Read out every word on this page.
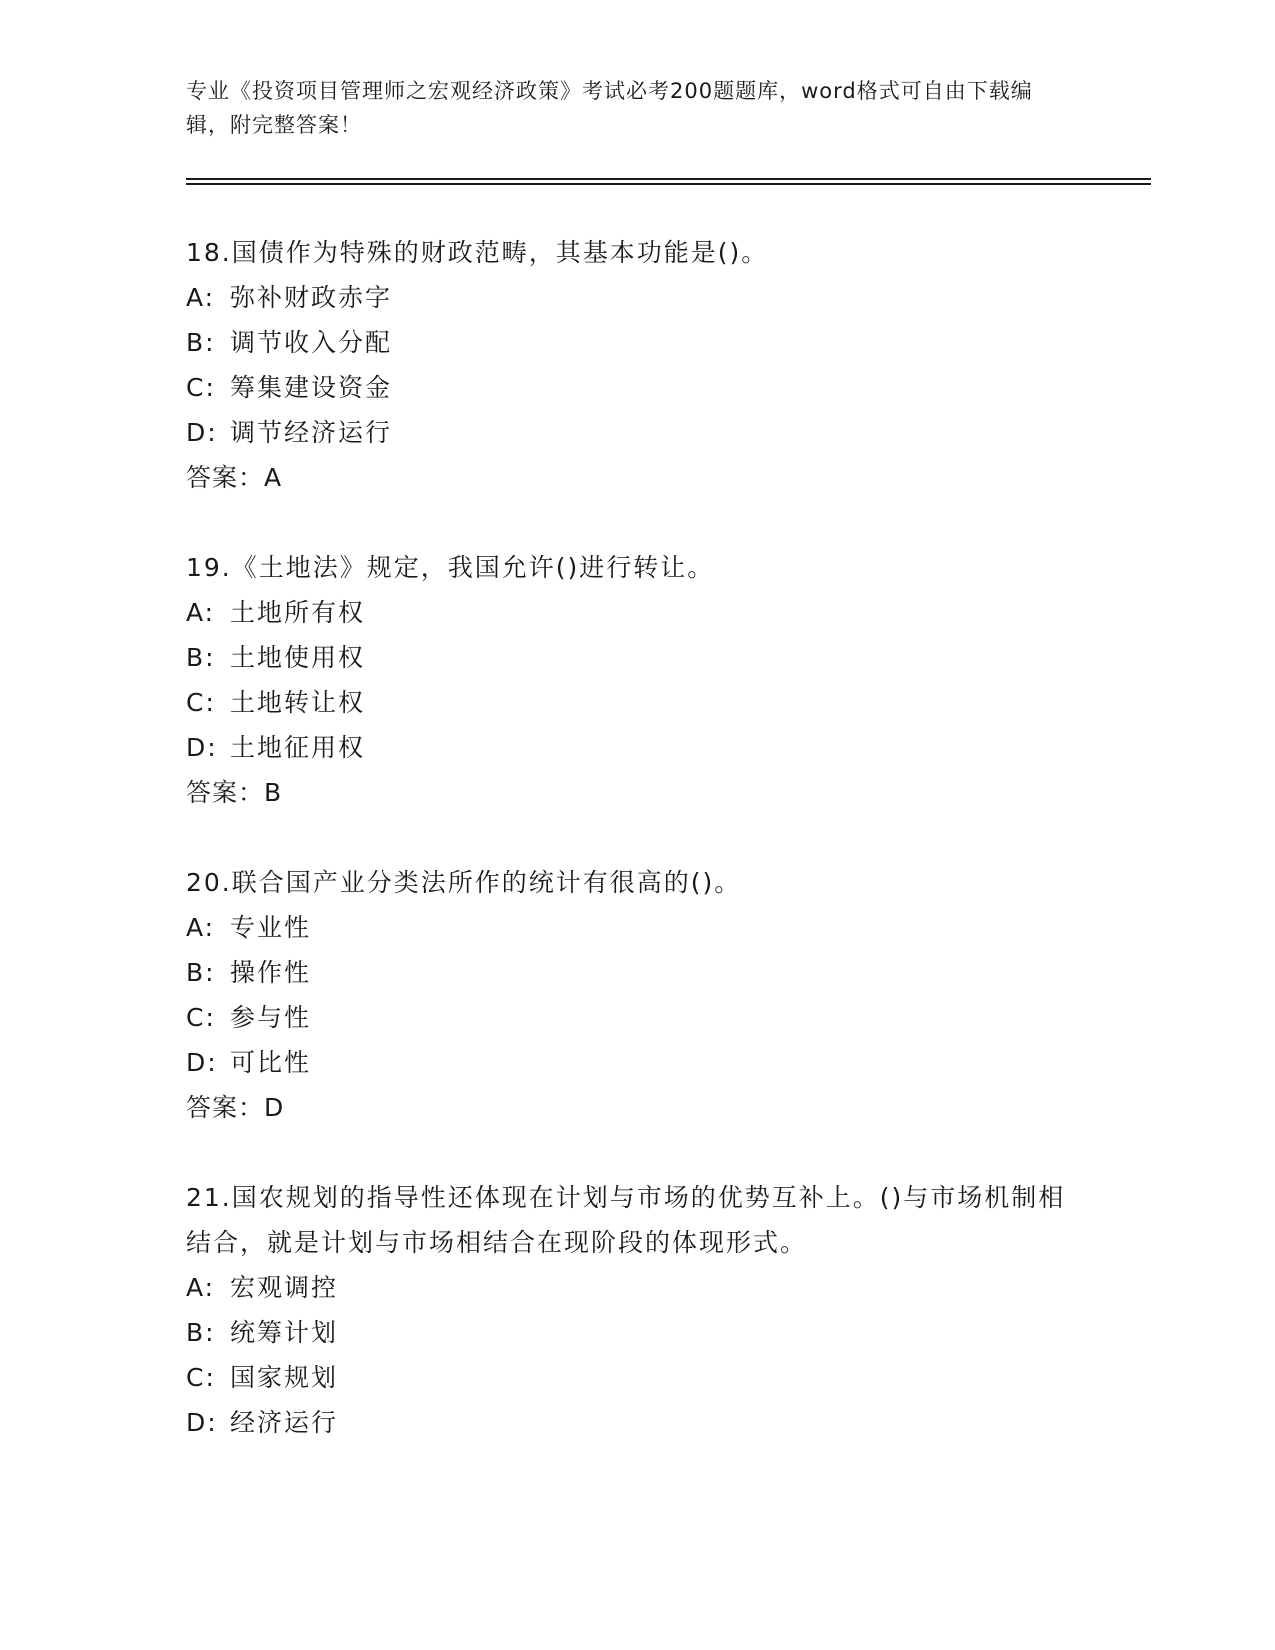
专业《投资项目管理师之宏观经济政策》考试必考200题题库，word格式可自由下载编辑，附完整答案！
18.国债作为特殊的财政范畴，其基本功能是()。
A: 弥补财政赤字
B: 调节收入分配
C: 筹集建设资金
D: 调节经济运行
答案：A
19.《土地法》规定，我国允许()进行转让。
A: 土地所有权
B: 土地使用权
C: 土地转让权
D: 土地征用权
答案：B
20.联合国产业分类法所作的统计有很高的()。
A: 专业性
B: 操作性
C: 参与性
D: 可比性
答案：D
21.国农规划的指导性还体现在计划与市场的优势互补上。()与市场机制相结合，就是计划与市场相结合在现阶段的体现形式。
A: 宏观调控
B: 统筹计划
C: 国家规划
D: 经济运行
